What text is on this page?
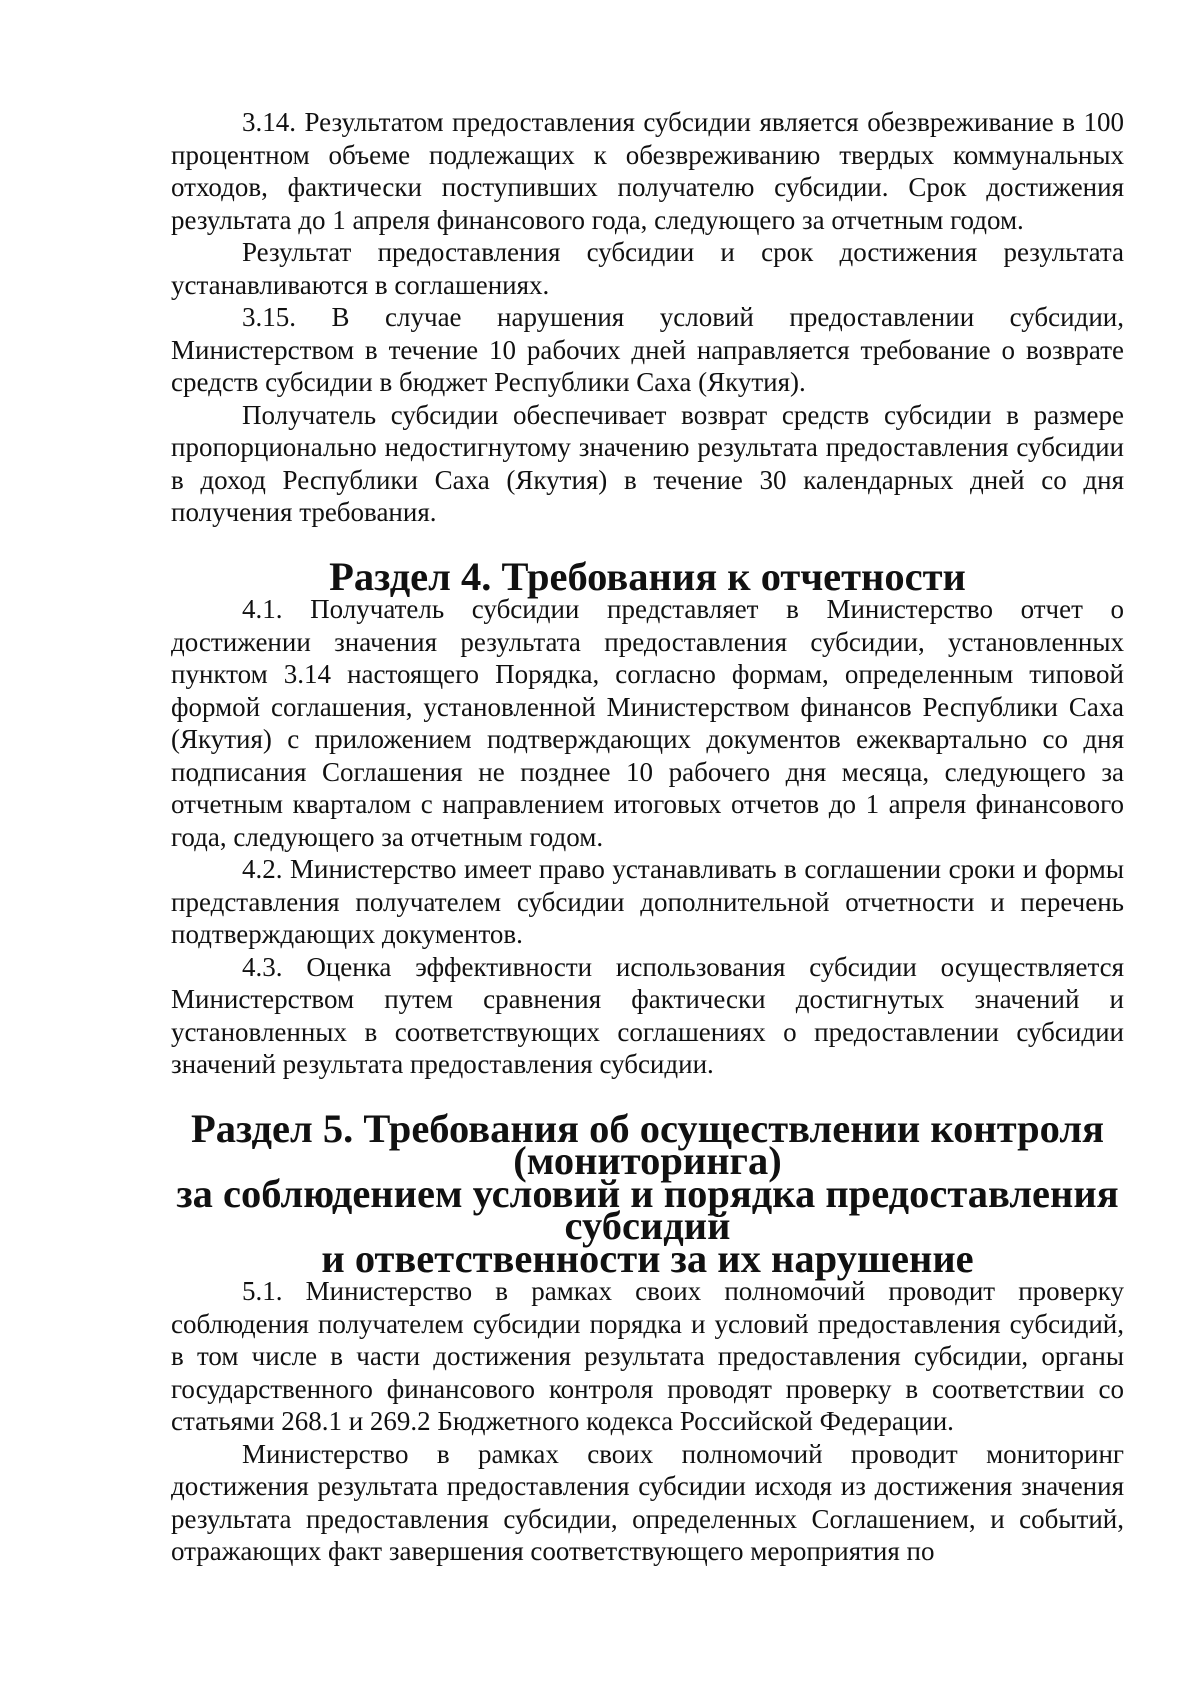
3.14. Результатом предоставления субсидии является обезвреживание в 100 процентном объеме подлежащих к обезвреживанию твердых коммунальных отходов, фактически поступивших получателю субсидии. Срок достижения результата до 1 апреля финансового года, следующего за отчетным годом.

Результат предоставления субсидии и срок достижения результата устанавливаются в соглашениях.

3.15. В случае нарушения условий предоставлении субсидии, Министерством в течение 10 рабочих дней направляется требование о возврате средств субсидии в бюджет Республики Саха (Якутия).

Получатель субсидии обеспечивает возврат средств субсидии в размере пропорционально недостигнутому значению результата предоставления субсидии в доход Республики Саха (Якутия) в течение 30 календарных дней со дня получения требования.

Раздел 4. Требования к отчетности

4.1. Получатель субсидии представляет в Министерство отчет о достижении значения результата предоставления субсидии, установленных пунктом 3.14 настоящего Порядка, согласно формам, определенным типовой формой соглашения, установленной Министерством финансов Республики Саха (Якутия) с приложением подтверждающих документов ежеквартально со дня подписания Соглашения не позднее 10 рабочего дня месяца, следующего за отчетным кварталом с направлением итоговых отчетов до 1 апреля финансового года, следующего за отчетным годом.

4.2. Министерство имеет право устанавливать в соглашении сроки и формы представления получателем субсидии дополнительной отчетности и перечень подтверждающих документов.

4.3. Оценка эффективности использования субсидии осуществляется Министерством путем сравнения фактически достигнутых значений и установленных в соответствующих соглашениях о предоставлении субсидии значений результата предоставления субсидии.

Раздел 5. Требования об осуществлении контроля (мониторинга)
за соблюдением условий и порядка предоставления субсидий
и ответственности за их нарушение

5.1. Министерство в рамках своих полномочий проводит проверку соблюдения получателем субсидии порядка и условий предоставления субсидий, в том числе в части достижения результата предоставления субсидии, органы государственного финансового контроля проводят проверку в соответствии со статьями 268.1 и 269.2 Бюджетного кодекса Российской Федерации.

Министерство в рамках своих полномочий проводит мониторинг достижения результата предоставления субсидии исходя из достижения значения результата предоставления субсидии, определенных Соглашением, и событий, отражающих факт завершения соответствующего мероприятия по
